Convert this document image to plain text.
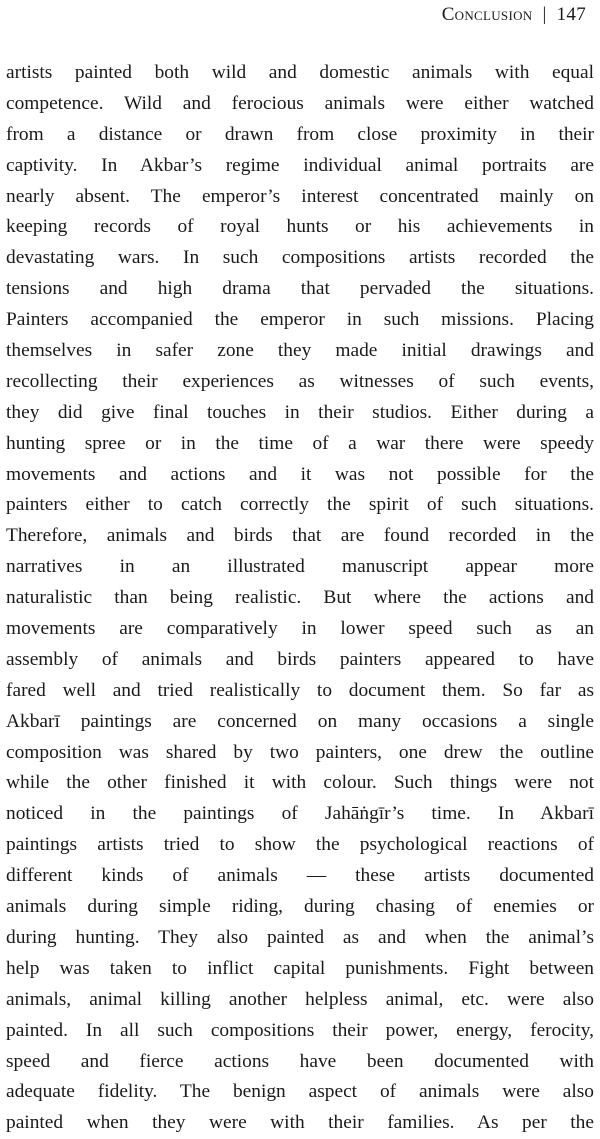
Conclusion | 147
artists painted both wild and domestic animals with equal
competence. Wild and ferocious animals were either watched
from a distance or drawn from close proximity in their
captivity. In Akbar’s regime individual animal portraits are
nearly absent. The emperor’s interest concentrated mainly on
keeping records of royal hunts or his achievements in
devastating wars. In such compositions artists recorded the
tensions and high drama that pervaded the situations.
Painters accompanied the emperor in such missions. Placing
themselves in safer zone they made initial drawings and
recollecting their experiences as witnesses of such events,
they did give final touches in their studios. Either during a
hunting spree or in the time of a war there were speedy
movements and actions and it was not possible for the
painters either to catch correctly the spirit of such situations.
Therefore, animals and birds that are found recorded in the
narratives in an illustrated manuscript appear more
naturalistic than being realistic. But where the actions and
movements are comparatively in lower speed such as an
assembly of animals and birds painters appeared to have
fared well and tried realistically to document them. So far as
Akbarī paintings are concerned on many occasions a single
composition was shared by two painters, one drew the outline
while the other finished it with colour. Such things were not
noticed in the paintings of Jahāṅgīr’s time. In Akbarī
paintings artists tried to show the psychological reactions of
different kinds of animals — these artists documented
animals during simple riding, during chasing of enemies or
during hunting. They also painted as and when the animal’s
help was taken to inflict capital punishments. Fight between
animals, animal killing another helpless animal, etc. were also
painted. In all such compositions their power, energy, ferocity,
speed and fierce actions have been documented with
adequate fidelity. The benign aspect of animals were also
painted when they were with their families. As per the
